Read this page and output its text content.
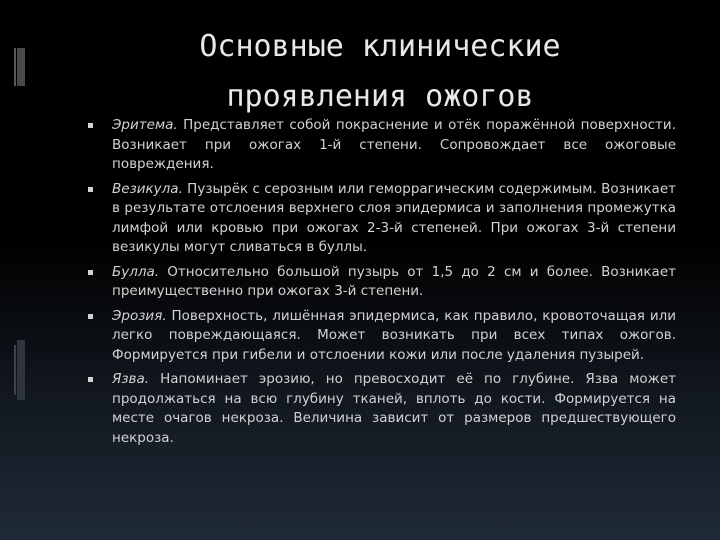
Основные клинические
проявления ожогов
Эритема. Представляет собой покраснение и отёк поражённой поверхности. Возникает при ожогах 1-й степени. Сопровождает все ожоговые повреждения.
Везикула. Пузырёк с серозным или геморрагическим содержимым. Возникает в результате отслоения верхнего слоя эпидермиса и заполнения промежутка лимфой или кровью при ожогах 2-3-й степеней. При ожогах 3-й степени везикулы могут сливаться в буллы.
Булла. Относительно большой пузырь от 1,5 до 2 см и более. Возникает преимущественно при ожогах 3-й степени.
Эрозия. Поверхность, лишённая эпидермиса, как правило, кровоточащая или легко повреждающаяся. Может возникать при всех типах ожогов. Формируется при гибели и отслоении кожи или после удаления пузырей.
Язва. Напоминает эрозию, но превосходит её по глубине. Язва может продолжаться на всю глубину тканей, вплоть до кости. Формируется на месте очагов некроза. Величина зависит от размеров предшествующего некроза.
